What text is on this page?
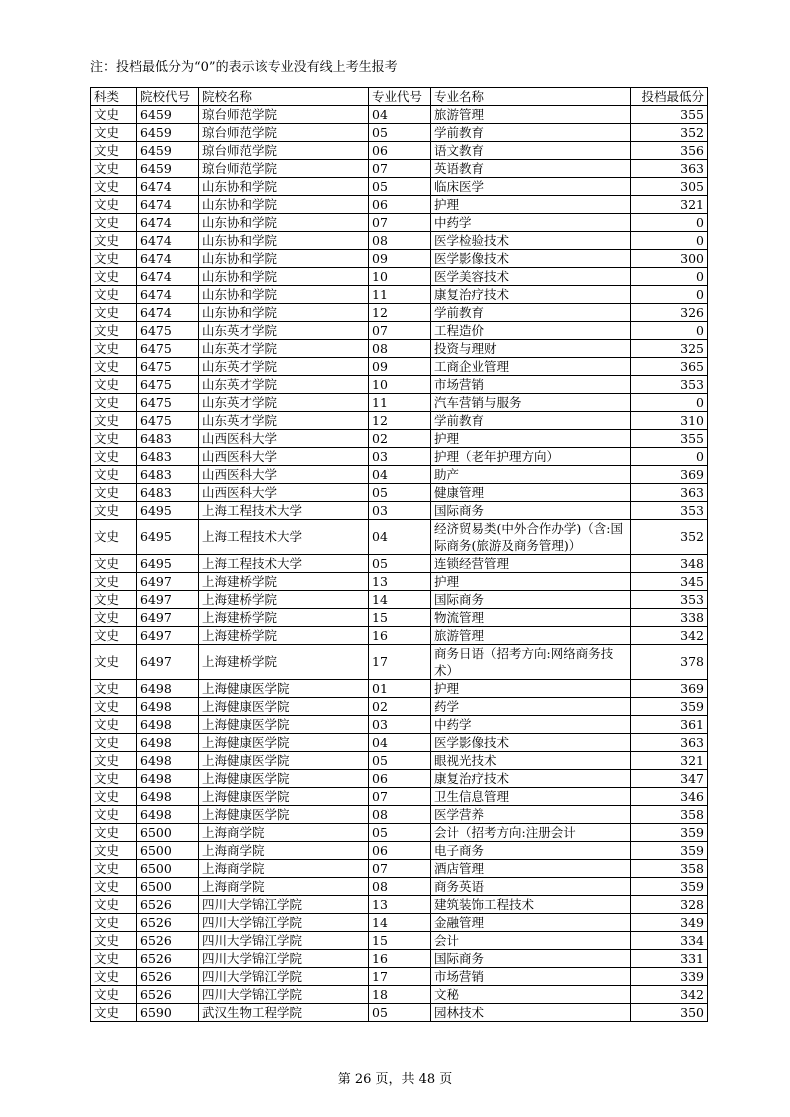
注：投档最低分为“0”的表示该专业没有线上考生报考
科类	院校代号	院校名称	专业代号	专业名称	投档最低分
文史	6459	琼台师范学院	04	旅游管理	355
文史	6459	琼台师范学院	05	学前教育	352
文史	6459	琼台师范学院	06	语文教育	356
文史	6459	琼台师范学院	07	英语教育	363
文史	6474	山东协和学院	05	临床医学	305
文史	6474	山东协和学院	06	护理	321
文史	6474	山东协和学院	07	中药学	0
文史	6474	山东协和学院	08	医学检验技术	0
文史	6474	山东协和学院	09	医学影像技术	300
文史	6474	山东协和学院	10	医学美容技术	0
文史	6474	山东协和学院	11	康复治疗技术	0
文史	6474	山东协和学院	12	学前教育	326
文史	6475	山东英才学院	07	工程造价	0
文史	6475	山东英才学院	08	投资与理财	325
文史	6475	山东英才学院	09	工商企业管理	365
文史	6475	山东英才学院	10	市场营销	353
文史	6475	山东英才学院	11	汽车营销与服务	0
文史	6475	山东英才学院	12	学前教育	310
文史	6483	山西医科大学	02	护理	355
文史	6483	山西医科大学	03	护理（老年护理方向）	0
文史	6483	山西医科大学	04	助产	369
文史	6483	山西医科大学	05	健康管理	363
文史	6495	上海工程技术大学	03	国际商务	353
文史	6495	上海工程技术大学	04	经济贸易类(中外合作办学)（含:国际商务(旅游及商务管理)）	352
文史	6495	上海工程技术大学	05	连锁经营管理	348
文史	6497	上海建桥学院	13	护理	345
文史	6497	上海建桥学院	14	国际商务	353
文史	6497	上海建桥学院	15	物流管理	338
文史	6497	上海建桥学院	16	旅游管理	342
文史	6497	上海建桥学院	17	商务日语（招考方向:网络商务技术）	378
文史	6498	上海健康医学院	01	护理	369
文史	6498	上海健康医学院	02	药学	359
文史	6498	上海健康医学院	03	中药学	361
文史	6498	上海健康医学院	04	医学影像技术	363
文史	6498	上海健康医学院	05	眼视光技术	321
文史	6498	上海健康医学院	06	康复治疗技术	347
文史	6498	上海健康医学院	07	卫生信息管理	346
文史	6498	上海健康医学院	08	医学营养	358
文史	6500	上海商学院	05	会计（招考方向:注册会计	359
文史	6500	上海商学院	06	电子商务	359
文史	6500	上海商学院	07	酒店管理	358
文史	6500	上海商学院	08	商务英语	359
文史	6526	四川大学锦江学院	13	建筑装饰工程技术	328
文史	6526	四川大学锦江学院	14	金融管理	349
文史	6526	四川大学锦江学院	15	会计	334
文史	6526	四川大学锦江学院	16	国际商务	331
文史	6526	四川大学锦江学院	17	市场营销	339
文史	6526	四川大学锦江学院	18	文秘	342
文史	6590	武汉生物工程学院	05	园林技术	350
第 26 页，共 48 页
